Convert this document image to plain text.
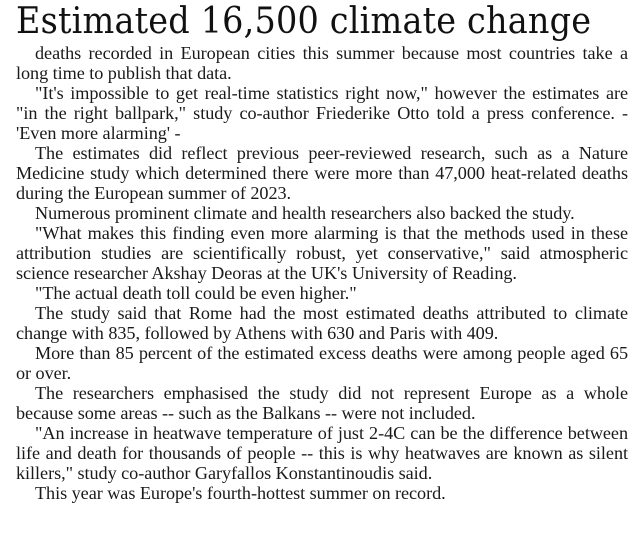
Estimated 16,500 climate change

deaths recorded in European cities this summer because most countries take a long time to publish that data.

"It's impossible to get real-time statistics right now," however the estimates are "in the right ballpark," study co-author Friederike Otto told a press conference. - 'Even more alarming' -

The estimates did reflect previous peer-reviewed research, such as a Nature Medicine study which determined there were more than 47,000 heat-related deaths during the European summer of 2023.

Numerous prominent climate and health researchers also backed the study.

"What makes this finding even more alarming is that the methods used in these attribution studies are scientifically robust, yet conservative," said atmospheric science researcher Akshay Deoras at the UK's University of Reading.

"The actual death toll could be even higher."

The study said that Rome had the most estimated deaths attributed to climate change with 835, followed by Athens with 630 and Paris with 409.

More than 85 percent of the estimated excess deaths were among people aged 65 or over.

The researchers emphasised the study did not represent Europe as a whole because some areas -- such as the Balkans -- were not included.

"An increase in heatwave temperature of just 2-4C can be the difference between life and death for thousands of people -- this is why heatwaves are known as silent killers," study co-author Garyfallos Konstantinoudis said.

This year was Europe's fourth-hottest summer on record.
